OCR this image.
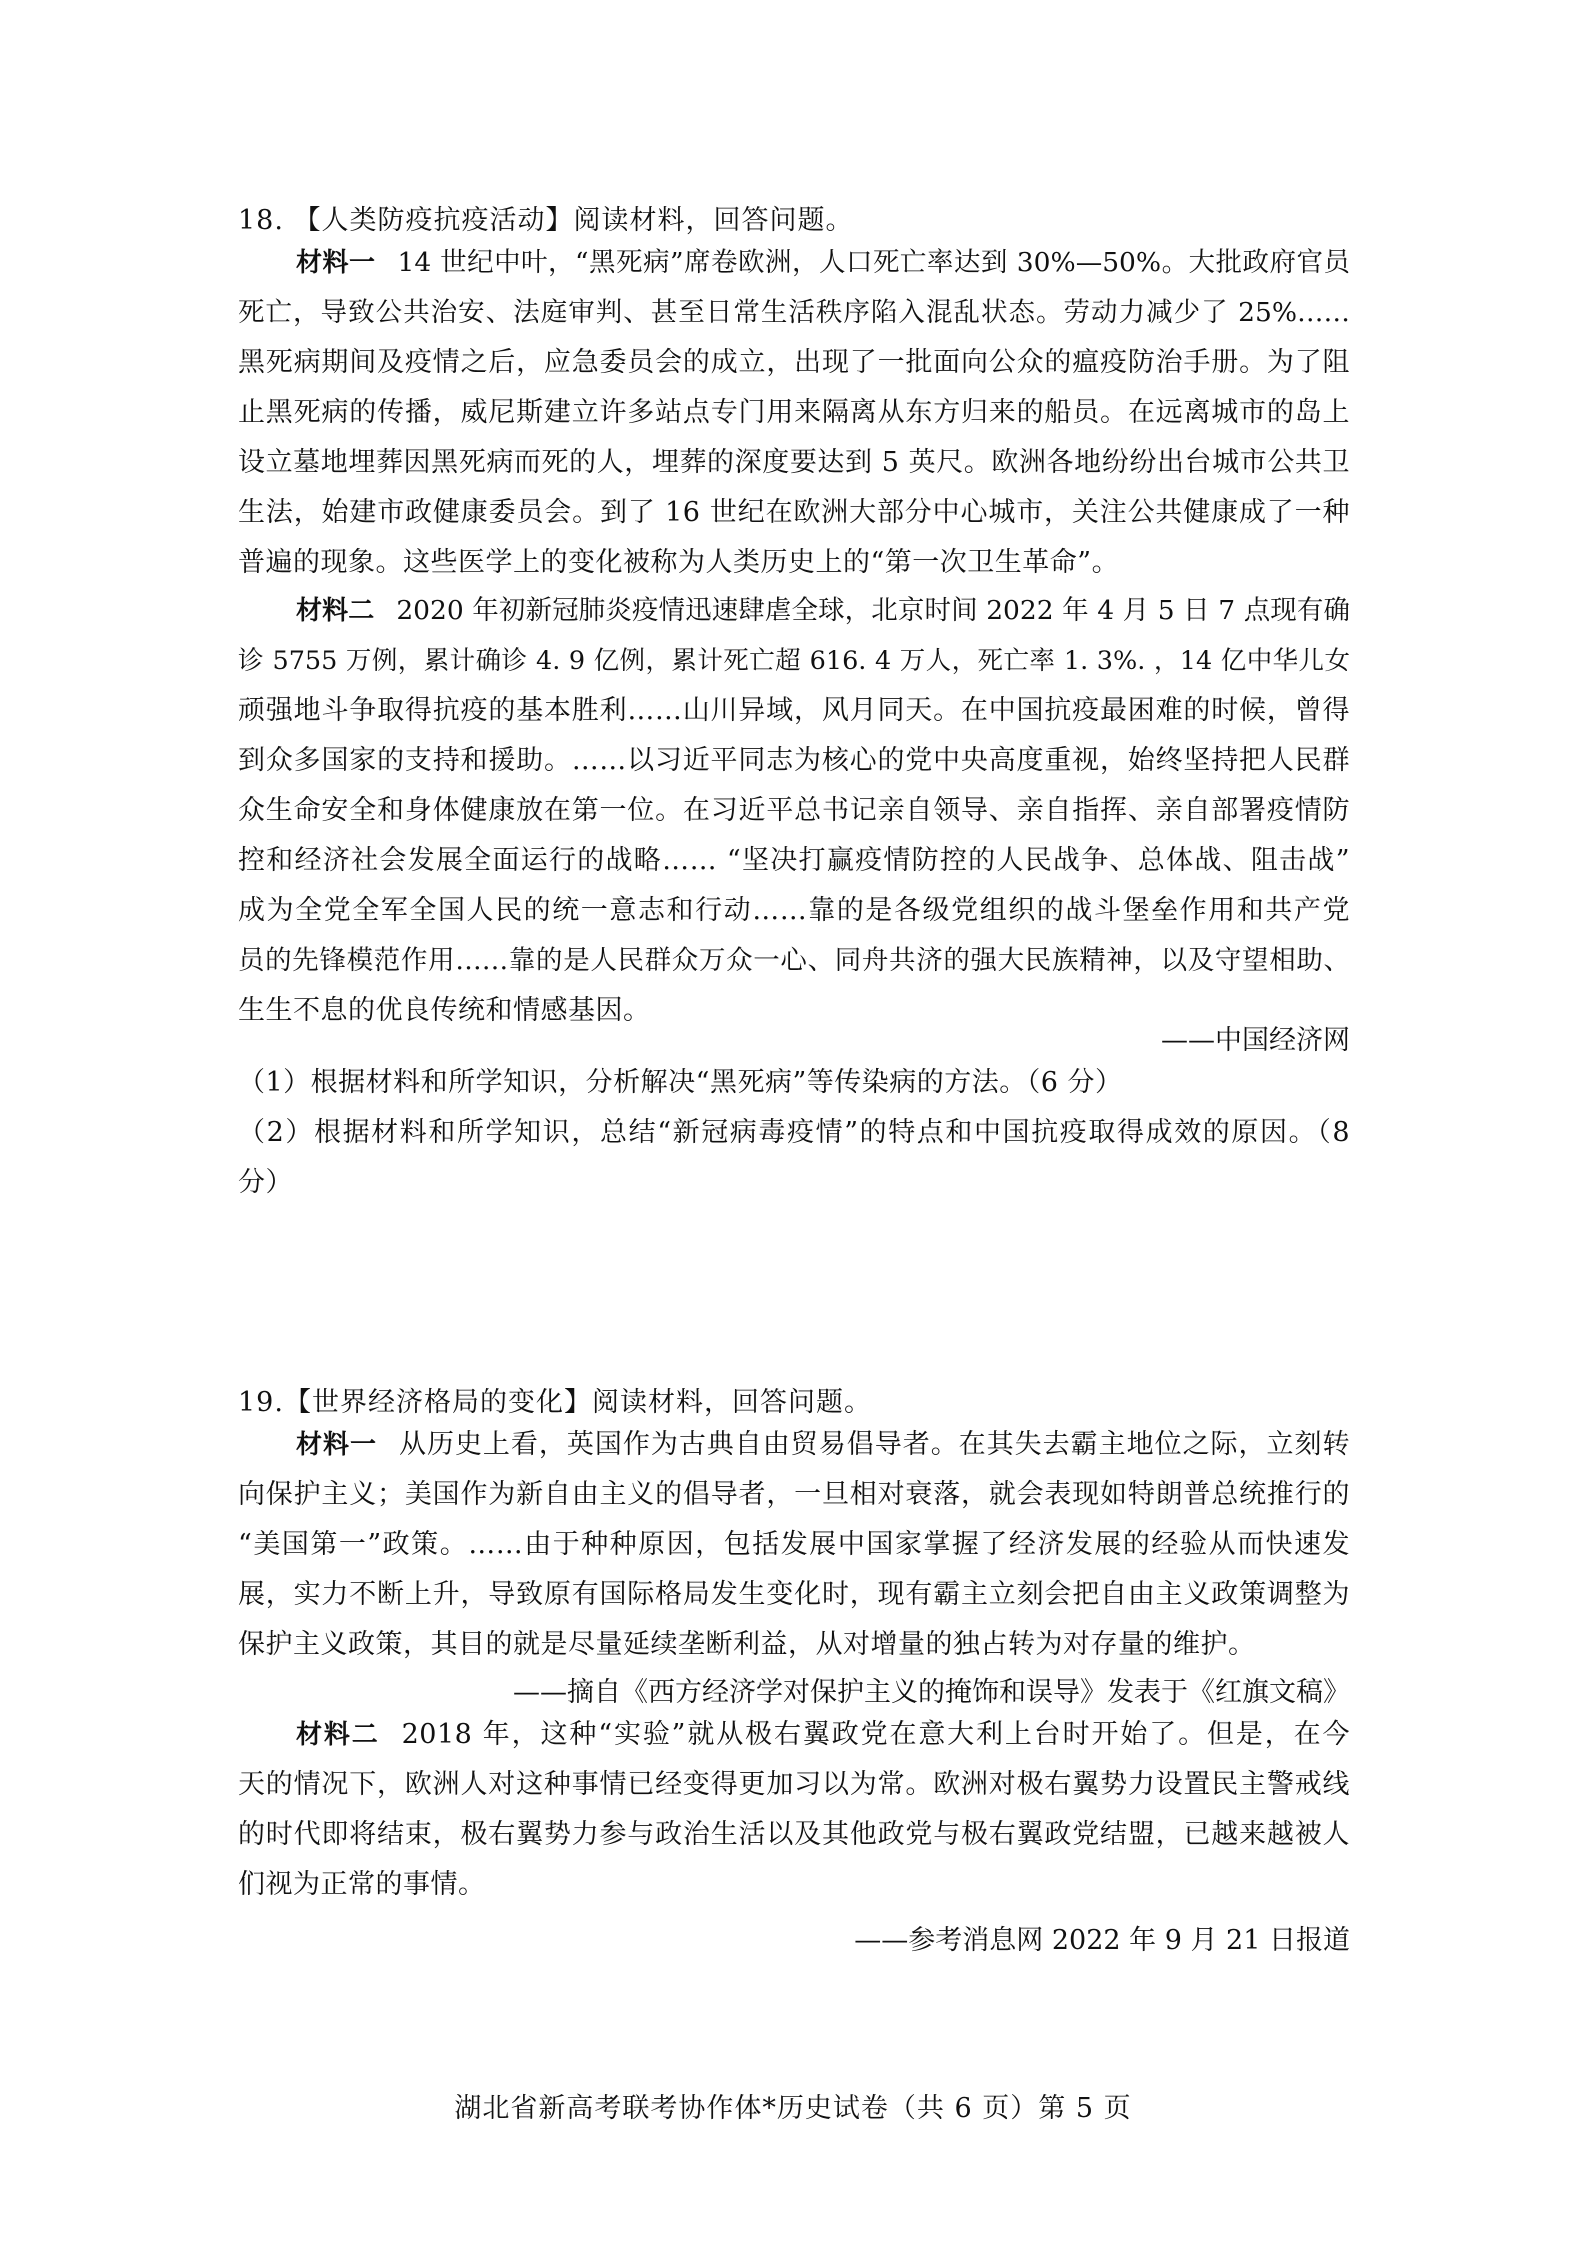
18. 【人类防疫抗疫活动】阅读材料，回答问题。
材料一 14 世纪中叶，“黑死病”席卷欧洲，人口死亡率达到 30%—50%。大批政府官员
死亡，导致公共治安、法庭审判、甚至日常生活秩序陷入混乱状态。劳动力减少了 25%……
黑死病期间及疫情之后，应急委员会的成立，出现了一批面向公众的瘟疫防治手册。为了阻
止黑死病的传播，威尼斯建立许多站点专门用来隔离从东方归来的船员。在远离城市的岛上
设立墓地埋葬因黑死病而死的人，埋葬的深度要达到 5 英尺。欧洲各地纷纷出台城市公共卫
生法，始建市政健康委员会。到了 16 世纪在欧洲大部分中心城市，关注公共健康成了一种
普遍的现象。这些医学上的变化被称为人类历史上的“第一次卫生革命”。
材料二 2020 年初新冠肺炎疫情迅速肆虐全球，北京时间 2022 年 4 月 5 日 7 点现有确
诊 5755 万例，累计确诊 4. 9 亿例，累计死亡超 616. 4 万人，死亡率 1. 3%. ，14 亿中华儿女
顽强地斗争取得抗疫的基本胜利……山川异域，风月同天。在中国抗疫最困难的时候，曾得
到众多国家的支持和援助。……以习近平同志为核心的党中央高度重视，始终坚持把人民群
众生命安全和身体健康放在第一位。在习近平总书记亲自领导、亲自指挥、亲自部署疫情防
控和经济社会发展全面运行的战略…… “坚决打赢疫情防控的人民战争、总体战、阻击战”
成为全党全军全国人民的统一意志和行动……靠的是各级党组织的战斗堡垒作用和共产党
员的先锋模范作用……靠的是人民群众万众一心、同舟共济的强大民族精神，以及守望相助、
生生不息的优良传统和情感基因。
——中国经济网
（1）根据材料和所学知识，分析解决“黑死病”等传染病的方法。（6 分）
（2）根据材料和所学知识，总结“新冠病毒疫情”的特点和中国抗疫取得成效的原因。（8
分）
19.【世界经济格局的变化】阅读材料，回答问题。
材料一 从历史上看，英国作为古典自由贸易倡导者。在其失去霸主地位之际，立刻转
向保护主义；美国作为新自由主义的倡导者，一旦相对衰落，就会表现如特朗普总统推行的
“美国第一”政策。……由于种种原因，包括发展中国家掌握了经济发展的经验从而快速发
展，实力不断上升，导致原有国际格局发生变化时，现有霸主立刻会把自由主义政策调整为
保护主义政策，其目的就是尽量延续垄断利益，从对增量的独占转为对存量的维护。
——摘自《西方经济学对保护主义的掩饰和误导》发表于《红旗文稿》
材料二 2018 年，这种“实验”就从极右翼政党在意大利上台时开始了。但是，在今
天的情况下，欧洲人对这种事情已经变得更加习以为常。欧洲对极右翼势力设置民主警戒线
的时代即将结束，极右翼势力参与政治生活以及其他政党与极右翼政党结盟，已越来越被人
们视为正常的事情。
——参考消息网 2022 年 9 月 21 日报道
湖北省新高考联考协作体*历史试卷（共 6 页）第 5 页
